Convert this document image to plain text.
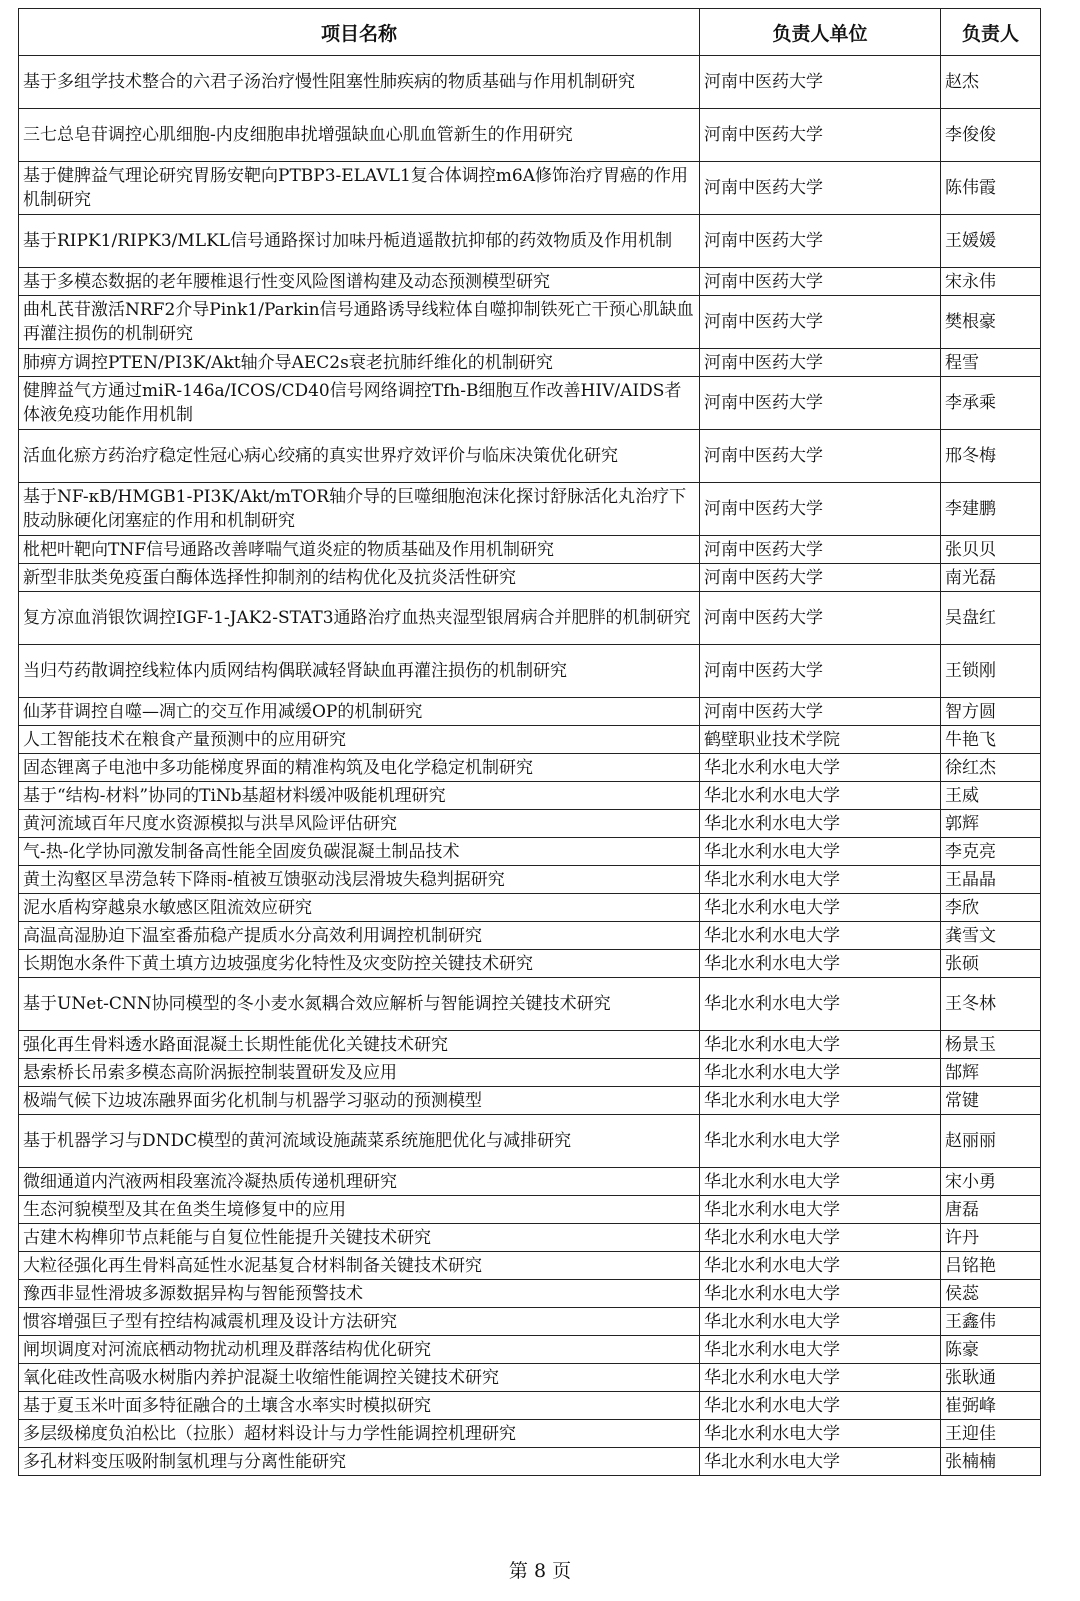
项目名称	负责人单位	负责人
基于多组学技术整合的六君子汤治疗慢性阻塞性肺疾病的物质基础与作用机制研究	河南中医药大学	赵杰
三七总皂苷调控心肌细胞-内皮细胞串扰增强缺血心肌血管新生的作用研究	河南中医药大学	李俊俊
基于健脾益气理论研究胃肠安靶向PTBP3-ELAVL1复合体调控m6A修饰治疗胃癌的作用机制研究	河南中医药大学	陈伟霞
基于RIPK1/RIPK3/MLKL信号通路探讨加味丹栀逍遥散抗抑郁的药效物质及作用机制	河南中医药大学	王媛媛
基于多模态数据的老年腰椎退行性变风险图谱构建及动态预测模型研究	河南中医药大学	宋永伟
曲札芪苷激活NRF2介导Pink1/Parkin信号通路诱导线粒体自噬抑制铁死亡干预心肌缺血再灌注损伤的机制研究	河南中医药大学	樊根豪
肺痹方调控PTEN/PI3K/Akt轴介导AEC2s衰老抗肺纤维化的机制研究	河南中医药大学	程雪
健脾益气方通过miR-146a/ICOS/CD40信号网络调控Tfh-B细胞互作改善HIV/AIDS者体液免疫功能作用机制	河南中医药大学	李承乘
活血化瘀方药治疗稳定性冠心病心绞痛的真实世界疗效评价与临床决策优化研究	河南中医药大学	邢冬梅
基于NF-κB/HMGB1-PI3K/Akt/mTOR轴介导的巨噬细胞泡沫化探讨舒脉活化丸治疗下肢动脉硬化闭塞症的作用和机制研究	河南中医药大学	李建鹏
枇杷叶靶向TNF信号通路改善哮喘气道炎症的物质基础及作用机制研究	河南中医药大学	张贝贝
新型非肽类免疫蛋白酶体选择性抑制剂的结构优化及抗炎活性研究	河南中医药大学	南光磊
复方凉血消银饮调控IGF-1-JAK2-STAT3通路治疗血热夹湿型银屑病合并肥胖的机制研究	河南中医药大学	吴盘红
当归芍药散调控线粒体内质网结构偶联减轻肾缺血再灌注损伤的机制研究	河南中医药大学	王锁刚
仙茅苷调控自噬—凋亡的交互作用减缓OP的机制研究	河南中医药大学	智方圆
人工智能技术在粮食产量预测中的应用研究	鹤壁职业技术学院	牛艳飞
固态锂离子电池中多功能梯度界面的精准构筑及电化学稳定机制研究	华北水利水电大学	徐红杰
基于“结构-材料”协同的TiNb基超材料缓冲吸能机理研究	华北水利水电大学	王威
黄河流域百年尺度水资源模拟与洪旱风险评估研究	华北水利水电大学	郭辉
气-热-化学协同激发制备高性能全固废负碳混凝土制品技术	华北水利水电大学	李克亮
黄土沟壑区旱涝急转下降雨-植被互馈驱动浅层滑坡失稳判据研究	华北水利水电大学	王晶晶
泥水盾构穿越泉水敏感区阻流效应研究	华北水利水电大学	李欣
高温高湿胁迫下温室番茄稳产提质水分高效利用调控机制研究	华北水利水电大学	龚雪文
长期饱水条件下黄土填方边坡强度劣化特性及灾变防控关键技术研究	华北水利水电大学	张硕
基于UNet-CNN协同模型的冬小麦水氮耦合效应解析与智能调控关键技术研究	华北水利水电大学	王冬林
强化再生骨料透水路面混凝土长期性能优化关键技术研究	华北水利水电大学	杨景玉
悬索桥长吊索多模态高阶涡振控制装置研发及应用	华北水利水电大学	郜辉
极端气候下边坡冻融界面劣化机制与机器学习驱动的预测模型	华北水利水电大学	常键
基于机器学习与DNDC模型的黄河流域设施蔬菜系统施肥优化与减排研究	华北水利水电大学	赵丽丽
微细通道内汽液两相段塞流冷凝热质传递机理研究	华北水利水电大学	宋小勇
生态河貌模型及其在鱼类生境修复中的应用	华北水利水电大学	唐磊
古建木构榫卯节点耗能与自复位性能提升关键技术研究	华北水利水电大学	许丹
大粒径强化再生骨料高延性水泥基复合材料制备关键技术研究	华北水利水电大学	吕铭艳
豫西非显性滑坡多源数据异构与智能预警技术	华北水利水电大学	侯蕊
惯容增强巨子型有控结构减震机理及设计方法研究	华北水利水电大学	王鑫伟
闸坝调度对河流底栖动物扰动机理及群落结构优化研究	华北水利水电大学	陈豪
氧化硅改性高吸水树脂内养护混凝土收缩性能调控关键技术研究	华北水利水电大学	张耿通
基于夏玉米叶面多特征融合的土壤含水率实时模拟研究	华北水利水电大学	崔弼峰
多层级梯度负泊松比（拉胀）超材料设计与力学性能调控机理研究	华北水利水电大学	王迎佳
多孔材料变压吸附制氢机理与分离性能研究	华北水利水电大学	张楠楠
第 8 页
